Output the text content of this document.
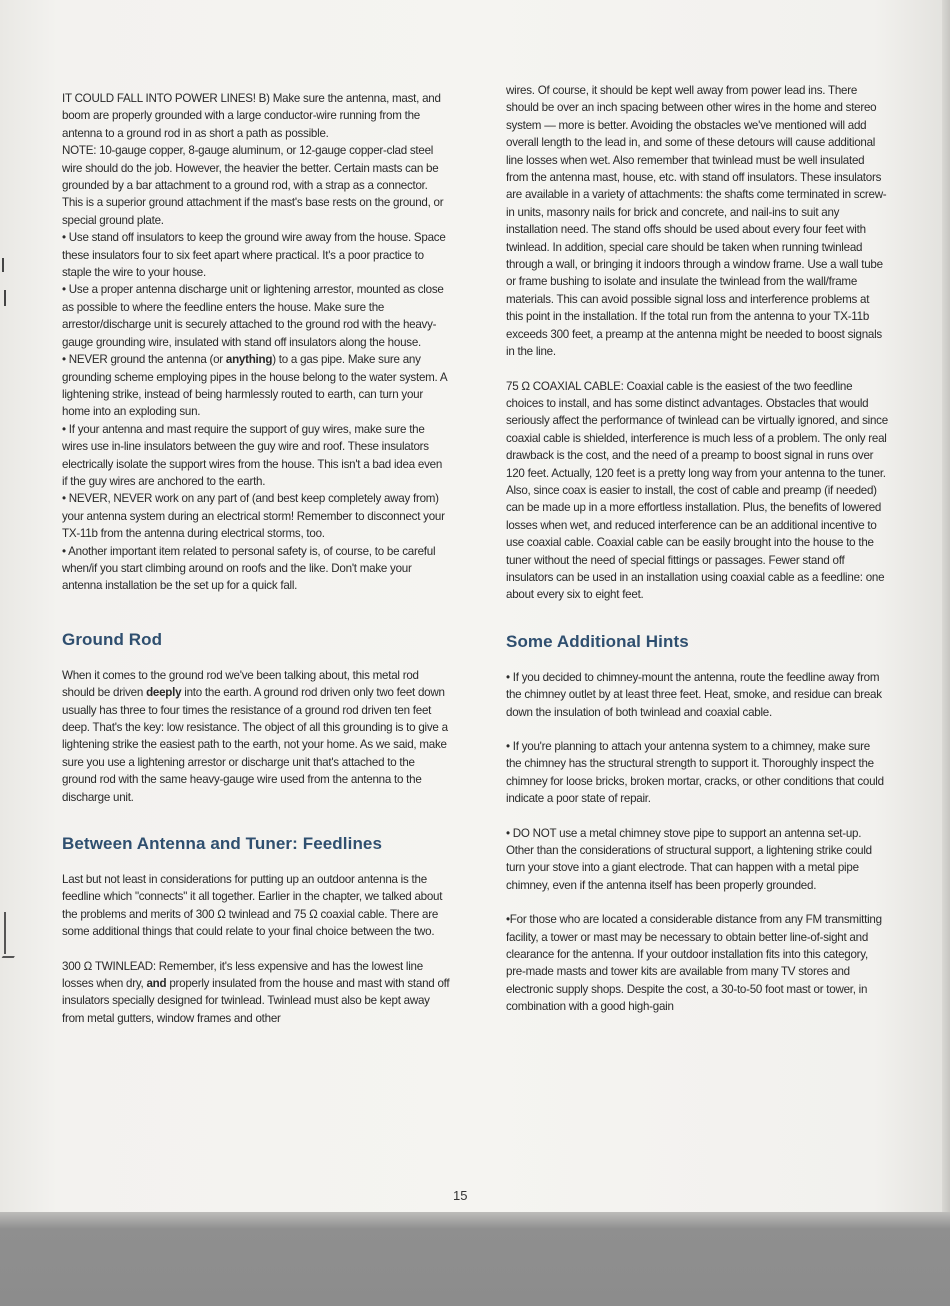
IT COULD FALL INTO POWER LINES! B) Make sure the antenna, mast, and boom are properly grounded with a large conductor-wire running from the antenna to a ground rod in as short a path as possible.

NOTE: 10-gauge copper, 8-gauge aluminum, or 12-gauge copper-clad steel wire should do the job. However, the heavier the better. Certain masts can be grounded by a bar attachment to a ground rod, with a strap as a connector. This is a superior ground attachment if the mast's base rests on the ground, or special ground plate.

• Use stand off insulators to keep the ground wire away from the house. Space these insulators four to six feet apart where practical. It's a poor practice to staple the wire to your house.

• Use a proper antenna discharge unit or lightening arrestor, mounted as close as possible to where the feedline enters the house. Make sure the arrestor/discharge unit is securely attached to the ground rod with the heavy-gauge grounding wire, insulated with stand off insulators along the house.

• NEVER ground the antenna (or anything) to a gas pipe. Make sure any grounding scheme employing pipes in the house belong to the water system. A lightening strike, instead of being harmlessly routed to earth, can turn your home into an exploding sun.

• If your antenna and mast require the support of guy wires, make sure the wires use in-line insulators between the guy wire and roof. These insulators electrically isolate the support wires from the house. This isn't a bad idea even if the guy wires are anchored to the earth.

• NEVER, NEVER work on any part of (and best keep completely away from) your antenna system during an electrical storm! Remember to disconnect your TX-11b from the antenna during electrical storms, too.

• Another important item related to personal safety is, of course, to be careful when/if you start climbing around on roofs and the like. Don't make your antenna installation be the set up for a quick fall.

Ground Rod

When it comes to the ground rod we've been talking about, this metal rod should be driven deeply into the earth. A ground rod driven only two feet down usually has three to four times the resistance of a ground rod driven ten feet deep. That's the key: low resistance. The object of all this grounding is to give a lightening strike the easiest path to the earth, not your home. As we said, make sure you use a lightening arrestor or discharge unit that's attached to the ground rod with the same heavy-gauge wire used from the antenna to the discharge unit.

Between Antenna and Tuner: Feedlines

Last but not least in considerations for putting up an outdoor antenna is the feedline which "connects" it all together. Earlier in the chapter, we talked about the problems and merits of 300 Ω twinlead and 75 Ω coaxial cable. There are some additional things that could relate to your final choice between the two.

300 Ω TWINLEAD: Remember, it's less expensive and has the lowest line losses when dry, and properly insulated from the house and mast with stand off insulators specially designed for twinlead. Twinlead must also be kept away from metal gutters, window frames and other

wires. Of course, it should be kept well away from power lead ins. There should be over an inch spacing between other wires in the home and stereo system — more is better. Avoiding the obstacles we've mentioned will add overall length to the lead in, and some of these detours will cause additional line losses when wet. Also remember that twinlead must be well insulated from the antenna mast, house, etc. with stand off insulators. These insulators are available in a variety of attachments: the shafts come terminated in screw-in units, masonry nails for brick and concrete, and nail-ins to suit any installation need. The stand offs should be used about every four feet with twinlead. In addition, special care should be taken when running twinlead through a wall, or bringing it indoors through a window frame. Use a wall tube or frame bushing to isolate and insulate the twinlead from the wall/frame materials. This can avoid possible signal loss and interference problems at this point in the installation. If the total run from the antenna to your TX-11b exceeds 300 feet, a preamp at the antenna might be needed to boost signals in the line.

75 Ω COAXIAL CABLE: Coaxial cable is the easiest of the two feedline choices to install, and has some distinct advantages. Obstacles that would seriously affect the performance of twinlead can be virtually ignored, and since coaxial cable is shielded, interference is much less of a problem. The only real drawback is the cost, and the need of a preamp to boost signal in runs over 120 feet. Actually, 120 feet is a pretty long way from your antenna to the tuner. Also, since coax is easier to install, the cost of cable and preamp (if needed) can be made up in a more effortless installation. Plus, the benefits of lowered losses when wet, and reduced interference can be an additional incentive to use coaxial cable. Coaxial cable can be easily brought into the house to the tuner without the need of special fittings or passages. Fewer stand off insulators can be used in an installation using coaxial cable as a feedline: one about every six to eight feet.

Some Additional Hints

• If you decided to chimney-mount the antenna, route the feedline away from the chimney outlet by at least three feet. Heat, smoke, and residue can break down the insulation of both twinlead and coaxial cable.

• If you're planning to attach your antenna system to a chimney, make sure the chimney has the structural strength to support it. Thoroughly inspect the chimney for loose bricks, broken mortar, cracks, or other conditions that could indicate a poor state of repair.

• DO NOT use a metal chimney stove pipe to support an antenna set-up. Other than the considerations of structural support, a lightening strike could turn your stove into a giant electrode. That can happen with a metal pipe chimney, even if the antenna itself has been properly grounded.

•For those who are located a considerable distance from any FM transmitting facility, a tower or mast may be necessary to obtain better line-of-sight and clearance for the antenna. If your outdoor installation fits into this category, pre-made masts and tower kits are available from many TV stores and electronic supply shops. Despite the cost, a 30-to-50 foot mast or tower, in combination with a good high-gain

15
